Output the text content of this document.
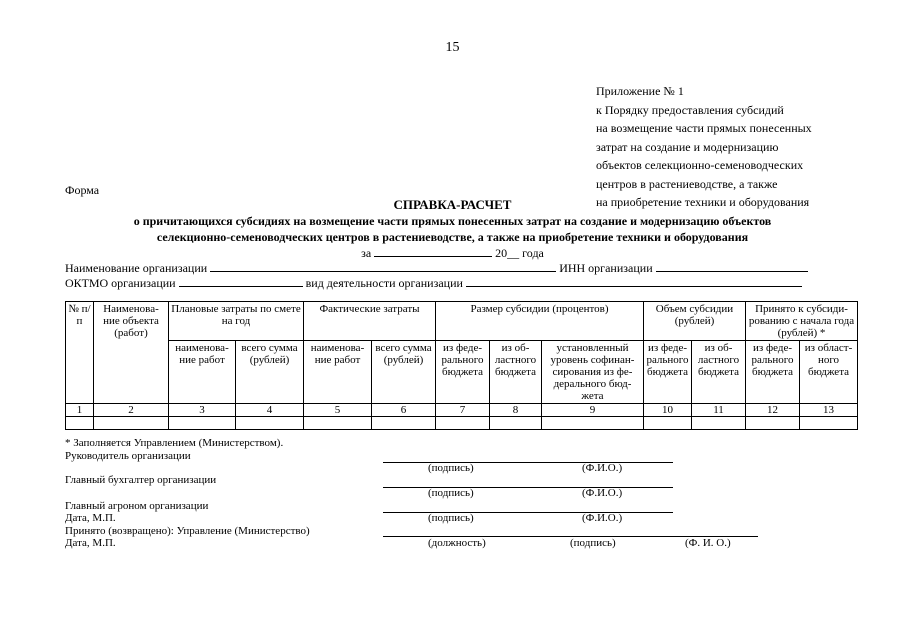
15
Приложение № 1
к Порядку предоставления субсидий
на возмещение части прямых понесенных
затрат на создание и модернизацию
объектов селекционно-семеноводческих
центров в растениеводстве, а также
на приобретение техники и оборудования
Форма
СПРАВКА-РАСЧЕТ
о причитающихся субсидиях на возмещение части прямых понесенных затрат на создание и модернизацию объектов
селекционно-семеноводческих центров в растениеводстве, а также на приобретение техники и оборудования
за	20__ года
Наименование организации	ИНН организации
ОКТМО организации	вид деятельности организации
№ п/п	Наименова-ние объекта (работ)	Плановые затраты по смете на год		Фактические затраты		Размер субсидии (процентов)			Объем субсидии (рублей)		Принято к субсиди-рованию с начала года (рублей) *	
		наименова-ние работ	всего сумма (рублей)	наименова-ние работ	всего сумма (рублей)	из феде-рального бюджета	из об-ластного бюджета	установленный уровень софинан-сирования из фе-дерального бюд-жета	из феде-рального бюджета	из об-ластного бюджета	из феде-рального бюджета	из област-ного бюджета
1	2	3	4	5	6	7	8	9	10	11	12	13

* Заполняется Управлением (Министерством).
Руководитель организации
(подпись)	(Ф.И.О.)
Главный бухгалтер организации
(подпись)	(Ф.И.О.)
Главный агроном организации
Дата, М.П.	(подпись)	(Ф.И.О.)
Принято (возвращено): Управление (Министерство)
Дата, М.П.	(должность)	(подпись)	(Ф. И. О.)
